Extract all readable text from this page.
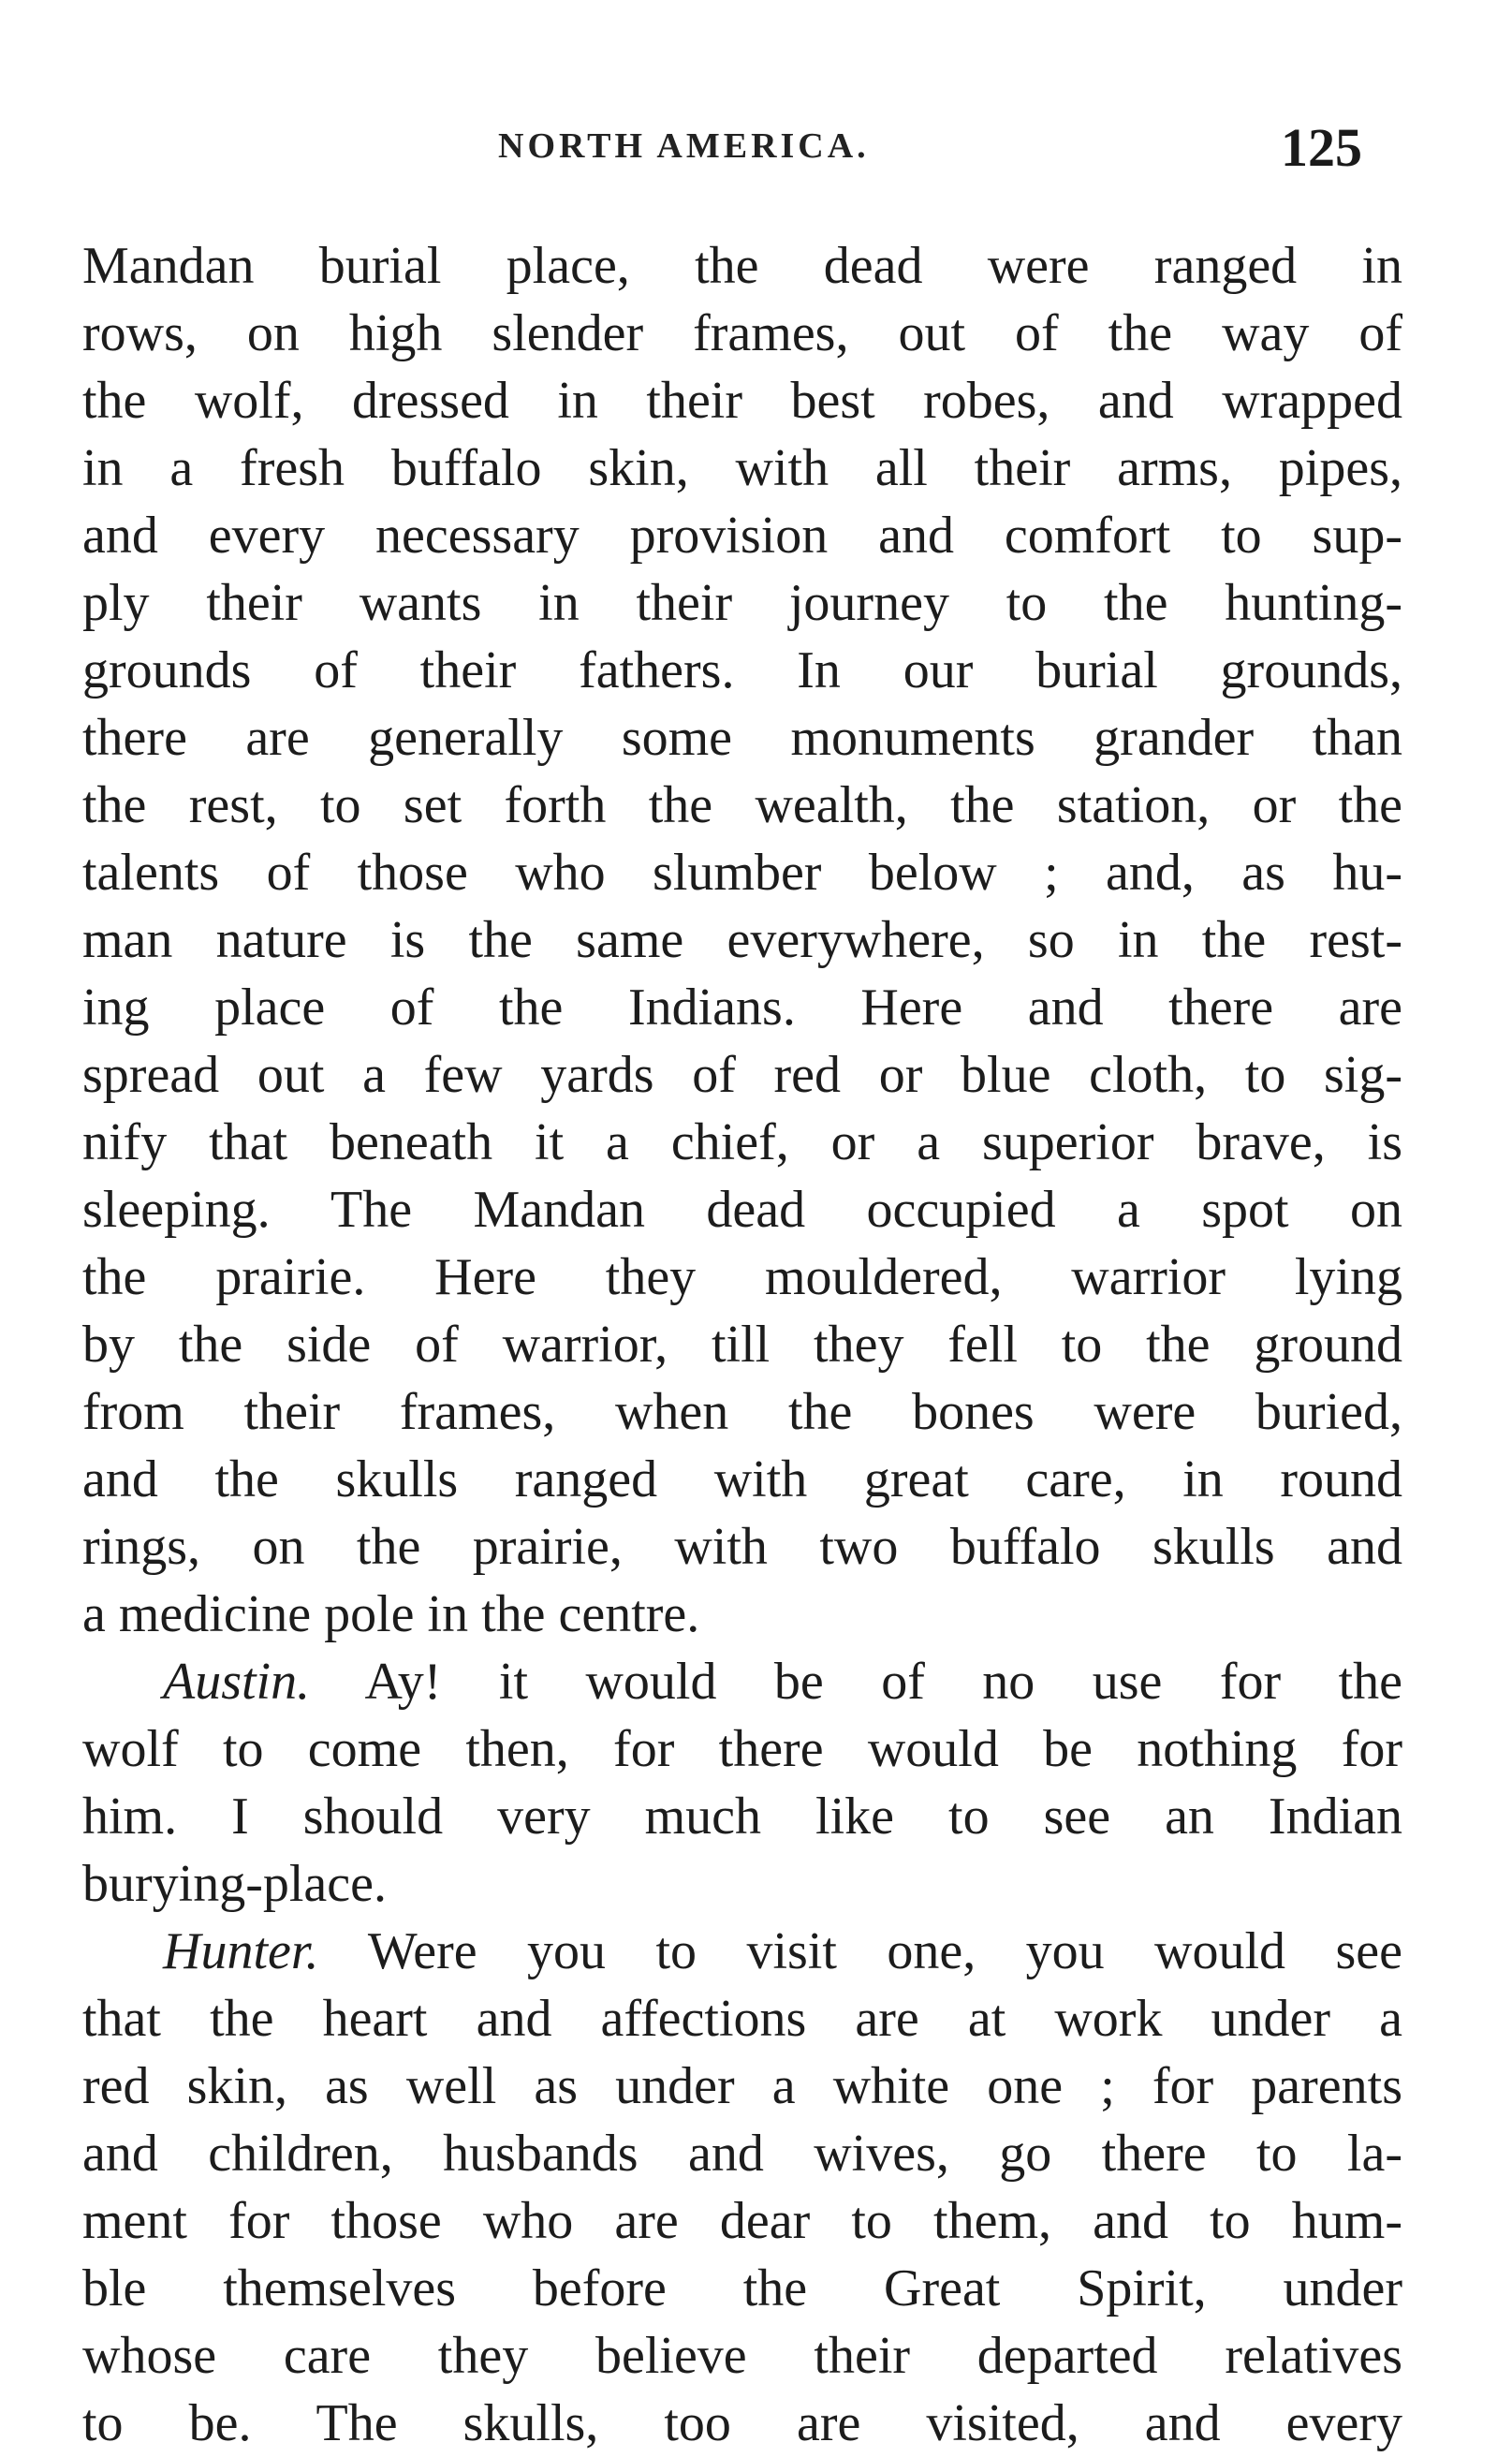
NORTH AMERICA.	125
Mandan burial place, the dead were ranged in
rows, on high slender frames, out of the way of
the wolf, dressed in their best robes, and wrapped
in a fresh buffalo skin, with all their arms, pipes,
and every necessary provision and comfort to sup-
ply their wants in their journey to the hunting-
grounds of their fathers. In our burial grounds,
there are generally some monuments grander than
the rest, to set forth the wealth, the station, or the
talents of those who slumber below ; and, as hu-
man nature is the same everywhere, so in the rest-
ing place of the Indians. Here and there are
spread out a few yards of red or blue cloth, to sig-
nify that beneath it a chief, or a superior brave, is
sleeping. The Mandan dead occupied a spot on
the prairie. Here they mouldered, warrior lying
by the side of warrior, till they fell to the ground
from their frames, when the bones were buried,
and the skulls ranged with great care, in round
rings, on the prairie, with two buffalo skulls and
a medicine pole in the centre.
Austin. Ay! it would be of no use for the
wolf to come then, for there would be nothing for
him. I should very much like to see an Indian
burying-place.
Hunter. Were you to visit one, you would see
that the heart and affections are at work under a
red skin, as well as under a white one ; for parents
and children, husbands and wives, go there to la-
ment for those who are dear to them, and to hum-
ble themselves before the Great Spirit, under
whose care they believe their departed relatives
to be. The skulls, too are visited, and every
